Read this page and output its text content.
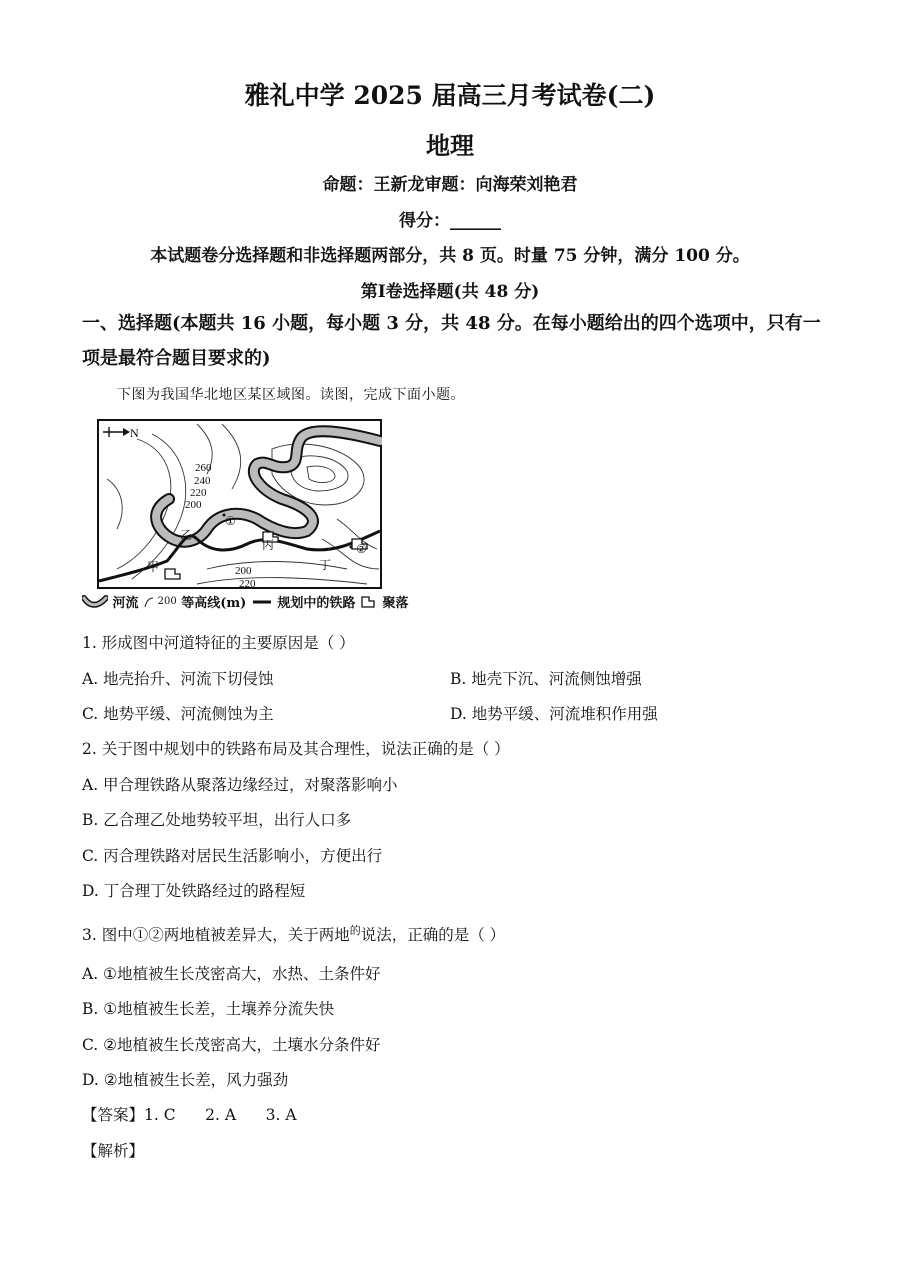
雅礼中学 2025 届高三月考试卷(二)
地理
命题：王新龙审题：向海荣刘艳君
得分：______
本试题卷分选择题和非选择题两部分，共 8 页。时量 75 分钟，满分 100 分。
第Ⅰ卷选择题(共 48 分)
一、选择题(本题共 16 小题，每小题 3 分，共 48 分。在每小题给出的四个选项中，只有一项是最符合题目要求的)
下图为我国华北地区某区域图。读图，完成下面小题。
N
260
240
220
200
200
220
甲
乙
丙
丁
①
②
河流 200 等高线(m) 规划中的铁路 聚落
1. 形成图中河道特征的主要原因是（ ）
A. 地壳抬升、河流下切侵蚀	B. 地壳下沉、河流侧蚀增强
C. 地势平缓、河流侧蚀为主	D. 地势平缓、河流堆积作用强
2. 关于图中规划中的铁路布局及其合理性，说法正确的是（ ）
A. 甲合理铁路从聚落边缘经过，对聚落影响小
B. 乙合理乙处地势较平坦，出行人口多
C. 丙合理铁路对居民生活影响小，方便出行
D. 丁合理丁处铁路经过的路程短
3. 图中①②两地植被差异大，关于两地$^的$说法，正确的是（ ）
A. ①地植被生长茂密高大，水热、土条件好
B. ①地植被生长差，土壤养分流失快
C. ②地植被生长茂密高大，土壤水分条件好
D. ②地植被生长差，风力强劲
【答案】1. C      2. A      3. A
【解析】
